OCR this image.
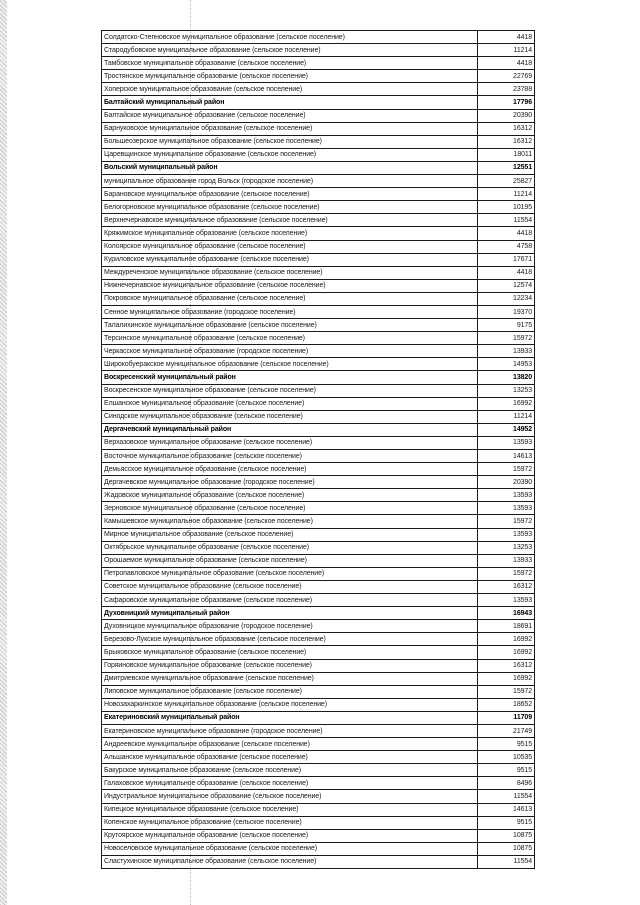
Солдатско-Степновское муниципальное образование (сельское поселение)	4418
Стародубовское муниципальное образование (сельское поселение)	11214
Тамбовское муниципальное образование (сельское поселение)	4418
Тростянское муниципальное образование (сельское поселение)	22769
Хоперское муниципальное образование (сельское поселение)	23788
Балтайский муниципальный район	17796
Балтайское муниципальное образование (сельское поселение)	20390
Барнуковское муниципальное образование (сельское поселение)	16312
Большеозерское муниципальное образование (сельское поселение)	16312
Царевщинское муниципальное образование (сельское поселение)	18011
Вольский муниципальный район	12551
муниципальное образование город Вольск (городское поселение)	25827
Барановское муниципальное образование (сельское поселение)	11214
Белогорновское муниципальное образование (сельское поселение)	10195
Верхнечернавское муниципальное образование (сельское поселение)	11554
Кряжимское муниципальное образование (сельское поселение)	4418
Колоярское муниципальное образование (сельское поселение)	4758
Куриловское муниципальное образование (сельское поселение)	17671
Междуреченское муниципальное образование (сельское поселение)	4418
Нижнечернавское муниципальное образование (сельское поселение)	12574
Покровское муниципальное образование (сельское поселение)	12234
Сенное муниципальное образование (городское поселение)	19370
Талалихинское муниципальное образование (сельское поселение)	9175
Терсинское муниципальное образование (сельское поселение)	15972
Черкасское муниципальное образование (городское поселение)	13933
Широкобуеракское муниципальное образование (сельское поселение)	14953
Воскресенский муниципальный район	13820
Воскресенское муниципальное образование (сельское поселение)	13253
Елшанское муниципальное образование (сельское поселение)	16992
Синодское муниципальное образование (сельское поселение)	11214
Дергачевский муниципальный район	14952
Верхазовское муниципальное образование (сельское поселение)	13593
Восточное муниципальное образование (сельское поселение)	14613
Демьясское муниципальное образование (сельское поселение)	15972
Дергачевское муниципальное образование (городское поселение)	20390
Жадовское муниципальное образование (сельское поселение)	13593
Зерновское муниципальное образование (сельское поселение)	13593
Камышевское муниципальное образование (сельское поселение)	15972
Мирное муниципальное образование (сельское поселение)	13593
Октябрьское муниципальное образование (сельское поселение)	13253
Орошаемое муниципальное образование (сельское поселение)	13933
Петропавловское муниципальное образование (сельское поселение)	15972
Советское муниципальное образование (сельское поселение)	16312
Сафаровское муниципальное образование (сельское поселение)	13593
Духовницкий муниципальный район	16943
Духовницкое муниципальное образование (городское поселение)	18691
Березово-Лукское муниципальное образование (сельское поселение)	16992
Брыковское муниципальное образование (сельское поселение)	16992
Горяиновское муниципальное образование (сельское поселение)	16312
Дмитриевское муниципальное образование (сельское поселение)	16992
Липовское муниципальное образование (сельское поселение)	15972
Новозахаркинское муниципальное образование (сельское поселение)	18652
Екатериновский муниципальный район	11709
Екатериновское муниципальное образование (городское поселение)	21749
Андреевское муниципальное образование (сельское поселение)	9515
Альшанское муниципальное образование (сельское поселение)	10535
Бакурское муниципальное образование (сельское поселение)	9515
Галаховское муниципальное образование (сельское поселение)	8496
Индустриальное муниципальное образование (сельское поселение)	11554
Кипецкое муниципальное образование (сельское поселение)	14613
Копенское муниципальное образование (сельское поселение)	9515
Крутоярское муниципальное образование (сельское поселение)	10875
Новоселовское муниципальное образование (сельское поселение)	10875
Сластухинское муниципальное образование (сельское поселение)	11554
